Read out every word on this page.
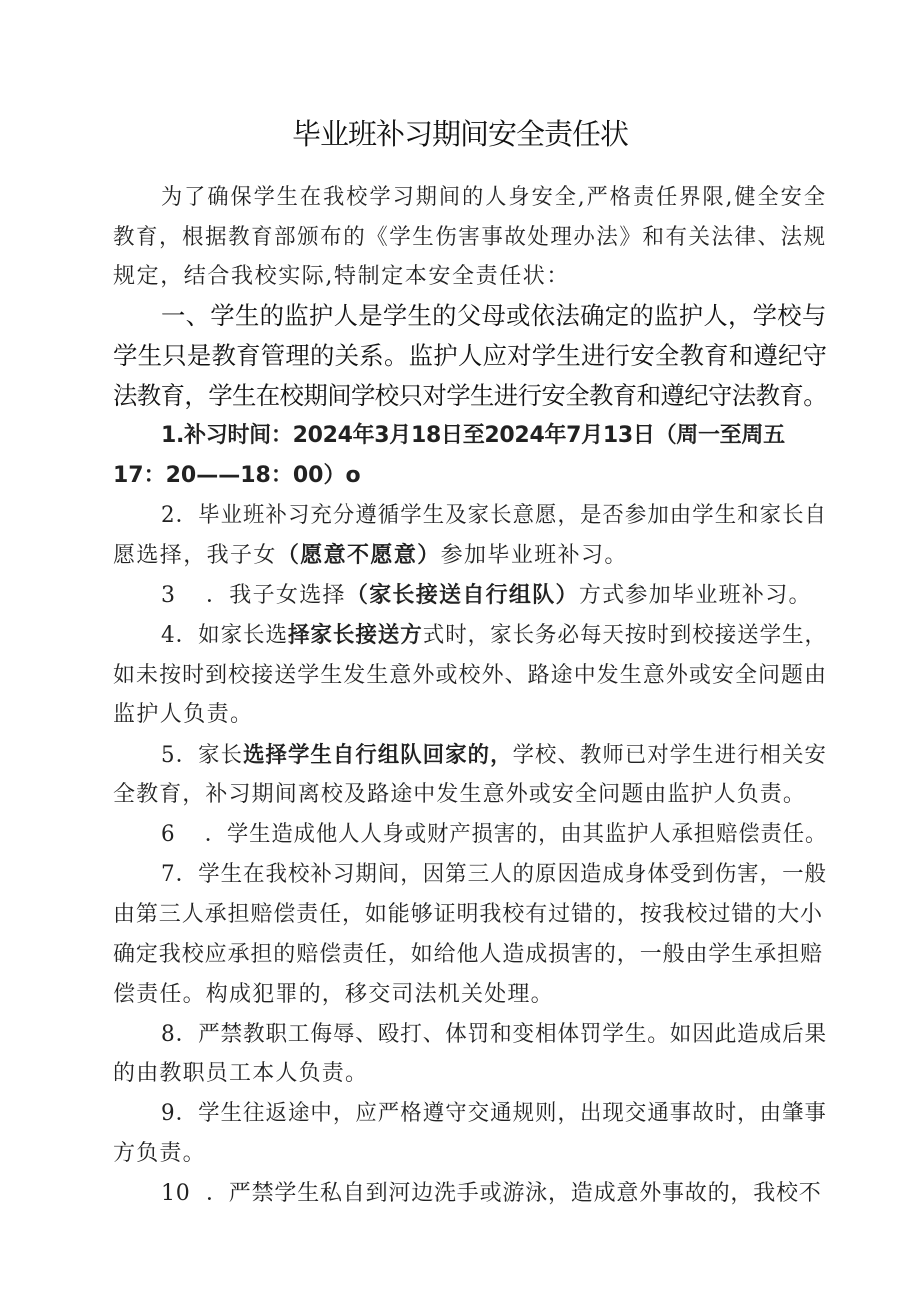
毕业班补习期间安全责任状
为了确保学生在我校学习期间的人身安全,严格责任界限,健全安全
教育，根据教育部颁布的《学生伤害事故处理办法》和有关法律、法规
规定，结合我校实际,特制定本安全责任状：
一、学生的监护人是学生的父母或依法确定的监护人，学校与
学生只是教育管理的关系。监护人应对学生进行安全教育和遵纪守
法教育，学生在校期间学校只对学生进行安全教育和遵纪守法教育。
1.补习时间：2024年3月18日至2024年7月13日（周一至周五
17：20——18：00）o
2．毕业班补习充分遵循学生及家长意愿，是否参加由学生和家长自
愿选择，我子女（愿意不愿意）参加毕业班补习。
3 ．我子女选择（家长接送自行组队）方式参加毕业班补习。
4．如家长选择家长接送方式时，家长务必每天按时到校接送学生，
如未按时到校接送学生发生意外或校外、路途中发生意外或安全问题由
监护人负责。
5．家长选择学生自行组队回家的，学校、教师已对学生进行相关安
全教育，补习期间离校及路途中发生意外或安全问题由监护人负责。
6 ．学生造成他人人身或财产损害的，由其监护人承担赔偿责任。
7．学生在我校补习期间，因第三人的原因造成身体受到伤害，一般
由第三人承担赔偿责任，如能够证明我校有过错的，按我校过错的大小
确定我校应承担的赔偿责任，如给他人造成损害的，一般由学生承担赔
偿责任。构成犯罪的，移交司法机关处理。
8．严禁教职工侮辱、殴打、体罚和变相体罚学生。如因此造成后果
的由教职员工本人负责。
9．学生往返途中，应严格遵守交通规则，出现交通事故时，由肇事
方负责。
10 ．严禁学生私自到河边洗手或游泳，造成意外事故的，我校不
